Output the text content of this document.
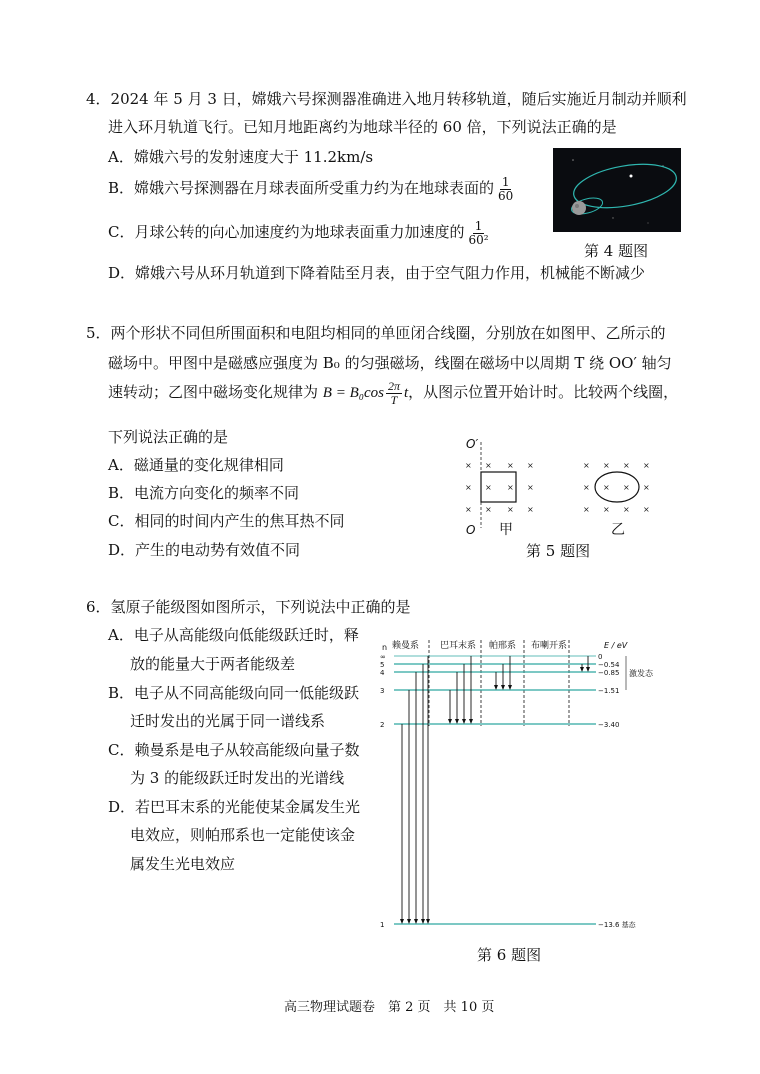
4．2024 年 5 月 3 日，嫦娥六号探测器准确进入地月转移轨道，随后实施近月制动并顺利
进入环月轨道飞行。已知月地距离约为地球半径的 60 倍，下列说法正确的是
A．嫦娥六号的发射速度大于 11.2km/s
B．嫦娥六号探测器在月球表面所受重力约为在地球表面的 $\frac{1}{60}$
C．月球公转的向心加速度约为地球表面重力加速度的 $\frac{1}{\text{60²}}$
D．嫦娥六号从环月轨道到下降着陆至月表，由于空气阻力作用，机械能不断减少
第 4 题图
5．两个形状不同但所围面积和电阻均相同的单匝闭合线圈，分别放在如图甲、乙所示的
磁场中。甲图中是磁感应强度为 B₀ 的匀强磁场，线圈在磁场中以周期 T 绕 OO′ 轴匀
速转动；乙图中磁场变化规律为 $B = B_0\cos \frac{2\pi}{T}$ t，从图示位置开始计时。比较两个线圈，
下列说法正确的是
A．磁通量的变化规律相同
B．电流方向变化的频率不同
C．相同的时间内产生的焦耳热不同
D．产生的电动势有效值不同
× × × ×
× × × ×
× × × ×
O′
O 甲
× × × ×
× × × ×
× × × ×
乙
第 5 题图
6．氢原子能级图如图所示，下列说法中正确的是
A．电子从高能级向低能级跃迁时，释
放的能量大于两者能级差
B．电子从不同高能级向同一低能级跃
迁时发出的光属于同一谱线系
C．赖曼系是电子从较高能级向量子数
为 3 的能级跃迁时发出的光谱线
D．若巴耳末系的光能使某金属发生光
电效应，则帕邢系也一定能使该金
属发生光电效应
n	E / eV
赖曼系 巴耳末系 帕邢系 布喇开系
∞	0
5	−0.54
4	−0.85
3	−1.51
2	−3.40
1	−13.6 基态
激发态
第 6 题图
高三物理试题卷　第 2 页　共 10 页
